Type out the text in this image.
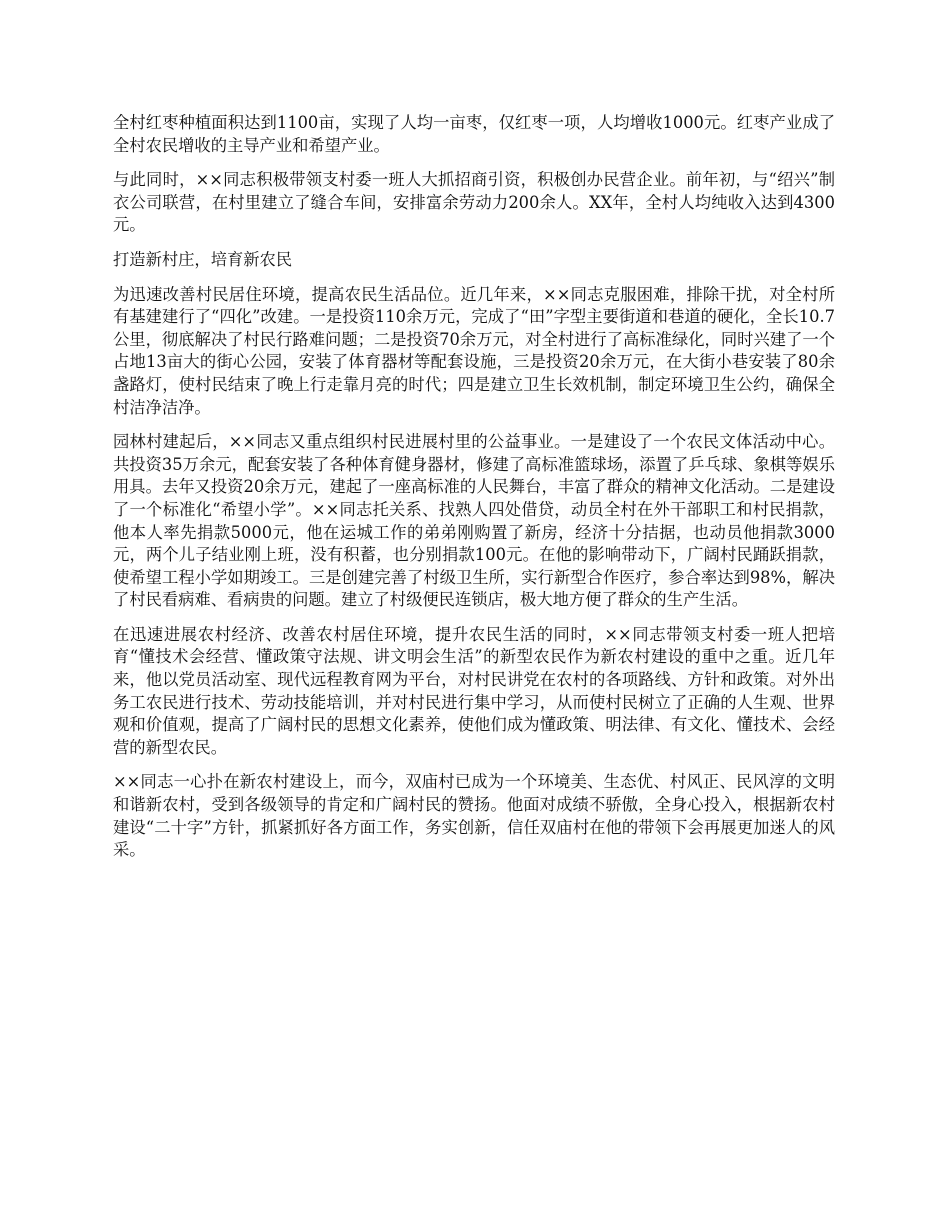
全村红枣种植面积达到1100亩，实现了人均一亩枣，仅红枣一项，人均增收1000元。红枣产业成了全村农民增收的主导产业和希望产业。

与此同时，××同志积极带领支村委一班人大抓招商引资，积极创办民营企业。前年初，与“绍兴”制衣公司联营，在村里建立了缝合车间，安排富余劳动力200余人。XX年，全村人均纯收入达到4300元。

打造新村庄，培育新农民

为迅速改善村民居住环境，提高农民生活品位。近几年来，××同志克服困难，排除干扰，对全村所有基建建行了“四化”改建。一是投资110余万元，完成了“田”字型主要街道和巷道的硬化，全长10.7公里，彻底解决了村民行路难问题；二是投资70余万元，对全村进行了高标准绿化，同时兴建了一个占地13亩大的街心公园，安装了体育器材等配套设施，三是投资20余万元，在大街小巷安装了80余盏路灯，使村民结束了晚上行走靠月亮的时代；四是建立卫生长效机制，制定环境卫生公约，确保全村洁净洁净。

园林村建起后，××同志又重点组织村民进展村里的公益事业。一是建设了一个农民文体活动中心。共投资35万余元，配套安装了各种体育健身器材，修建了高标准篮球场，添置了乒乓球、象棋等娱乐用具。去年又投资20余万元，建起了一座高标准的人民舞台，丰富了群众的精神文化活动。二是建设了一个标准化“希望小学”。××同志托关系、找熟人四处借贷，动员全村在外干部职工和村民捐款，他本人率先捐款5000元，他在运城工作的弟弟刚购置了新房，经济十分拮据，也动员他捐款3000元，两个儿子结业刚上班，没有积蓄，也分别捐款100元。在他的影响带动下，广阔村民踊跃捐款，使希望工程小学如期竣工。三是创建完善了村级卫生所，实行新型合作医疗，参合率达到98%，解决了村民看病难、看病贵的问题。建立了村级便民连锁店，极大地方便了群众的生产生活。

在迅速进展农村经济、改善农村居住环境，提升农民生活的同时，××同志带领支村委一班人把培育“懂技术会经营、懂政策守法规、讲文明会生活”的新型农民作为新农村建设的重中之重。近几年来，他以党员活动室、现代远程教育网为平台，对村民讲党在农村的各项路线、方针和政策。对外出务工农民进行技术、劳动技能培训，并对村民进行集中学习，从而使村民树立了正确的人生观、世界观和价值观，提高了广阔村民的思想文化素养，使他们成为懂政策、明法律、有文化、懂技术、会经营的新型农民。

××同志一心扑在新农村建设上，而今，双庙村已成为一个环境美、生态优、村风正、民风淳的文明和谐新农村，受到各级领导的肯定和广阔村民的赞扬。他面对成绩不骄傲，全身心投入，根据新农村建设“二十字”方针，抓紧抓好各方面工作，务实创新，信任双庙村在他的带领下会再展更加迷人的风采。
